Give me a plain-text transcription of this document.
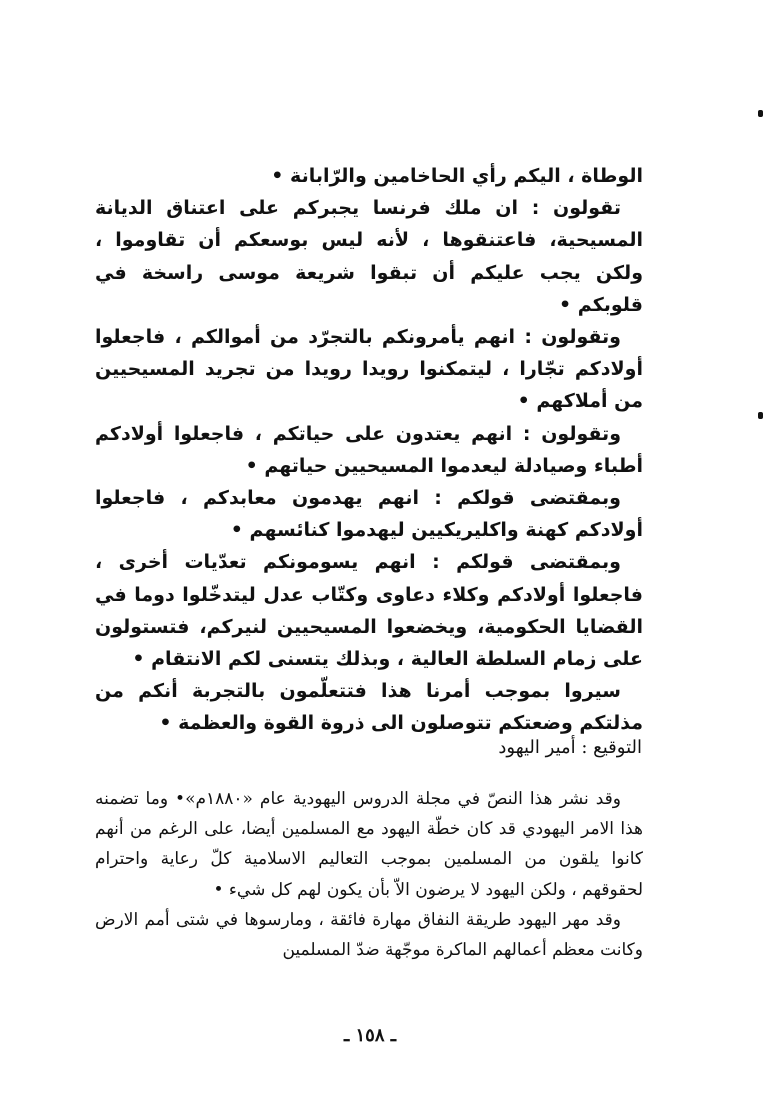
الوطاة ، اليكم رأي الحاخامين والرّابانة •

تقولون : ان ملك فرنسا يجبركم على اعتناق الديانة المسيحية، فاعتنقوها ، لأنه ليس بوسعكم أن تقاوموا ، ولكن يجب عليكم أن تبقوا شريعة موسى راسخة في قلوبكم •

وتقولون : انهم يأمرونكم بالتجرّد من أموالكم ، فاجعلوا أولادكم تجّارا ، ليتمكنوا رويدا رويدا من تجريد المسيحيين من أملاكهم •

وتقولون : انهم يعتدون على حياتكم ، فاجعلوا أولادكم أطباء وصيادلة ليعدموا المسيحيين حياتهم •

وبمقتضى قولكم : انهم يهدمون معابدكم ، فاجعلوا أولادكم كهنة واكليريكيين ليهدموا كنائسهم •

وبمقتضى قولكم : انهم يسومونكم تعدّيات أخرى ، فاجعلوا أولادكم وكلاء دعاوى وكتّاب عدل ليتدخّلوا دوما في القضايا الحكومية، ويخضعوا المسيحيين لنيركم، فتستولون على زمام السلطة العالية ، وبذلك يتسنى لكم الانتقام •

سيروا بموجب أمرنا هذا فتتعلّمون بالتجربة أنكم من مذلتكم وضعتكم تتوصلون الى ذروة القوة والعظمة •

التوقيع : أمير اليهود

وقد نشر هذا النصّ في مجلة الدروس اليهودية عام «١٨٨٠م»• وما تضمنه هذا الامر اليهودي قد كان خطّة اليهود مع المسلمين أيضا، على الرغم من أنهم كانوا يلقون من المسلمين بموجب التعاليم الاسلامية كلّ رعاية واحترام لحقوقهم ، ولكن اليهود لا يرضون الاّ بأن يكون لهم كل شيء •

وقد مهر اليهود طريقة النفاق مهارة فائقة ، ومارسوها في شتى أمم الارض وكانت معظم أعمالهم الماكرة موجّهة ضدّ المسلمين

ـ ١٥٨ ـ
